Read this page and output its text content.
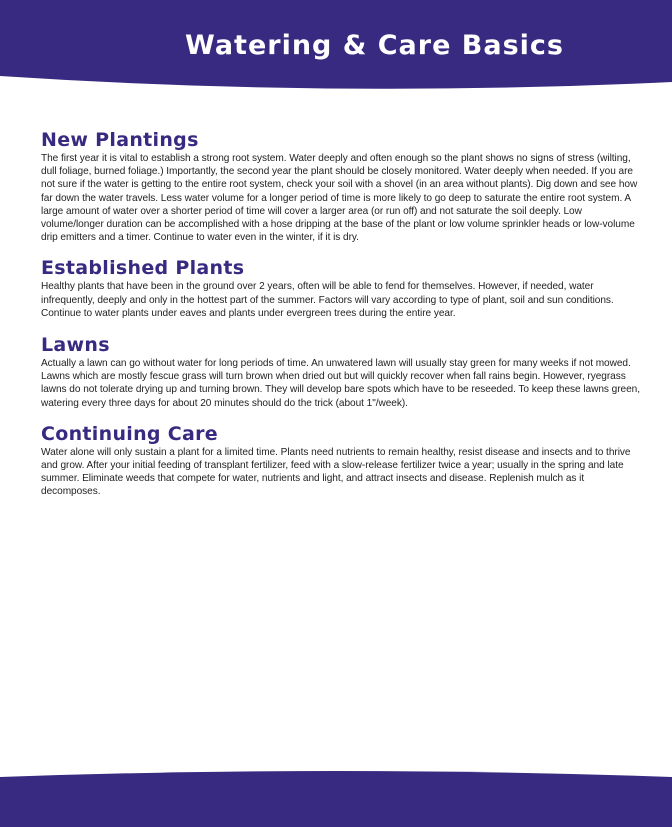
Watering & Care Basics
New Plantings

The first year it is vital to establish a strong root system. Water deeply and often enough so the plant shows no signs of stress (wilting, dull foliage, burned foliage.) Importantly, the second year the plant should be closely monitored. Water deeply when needed. If you are not sure if the water is getting to the entire root system, check your soil with a shovel (in an area without plants). Dig down and see how far down the water travels. Less water volume for a longer period of time is more likely to go deep to saturate the entire root system. A large amount of water over a shorter period of time will cover a larger area (or run off) and not saturate the soil deeply. Low volume/longer duration can be accomplished with a hose dripping at the base of the plant or low volume sprinkler heads or low-volume drip emitters and a timer. Continue to water even in the winter, if it is dry.

Established Plants

Healthy plants that have been in the ground over 2 years, often will be able to fend for themselves. However, if needed, water infrequently, deeply and only in the hottest part of the summer. Factors will vary according to type of plant, soil and sun conditions. Continue to water plants under eaves and plants under evergreen trees during the entire year.

Lawns

Actually a lawn can go without water for long periods of time. An unwatered lawn will usually stay green for many weeks if not mowed. Lawns which are mostly fescue grass will turn brown when dried out but will quickly recover when fall rains begin. However, ryegrass lawns do not tolerate drying up and turning brown. They will develop bare spots which have to be reseeded. To keep these lawns green, watering every three days for about 20 minutes should do the trick (about 1"/week).

Continuing Care

Water alone will only sustain a plant for a limited time. Plants need nutrients to remain healthy, resist disease and insects and to thrive and grow. After your initial feeding of transplant fertilizer, feed with a slow-release fertilizer twice a year; usually in the spring and late summer. Eliminate weeds that compete for water, nutrients and light, and attract insects and disease. Replenish mulch as it decomposes.
